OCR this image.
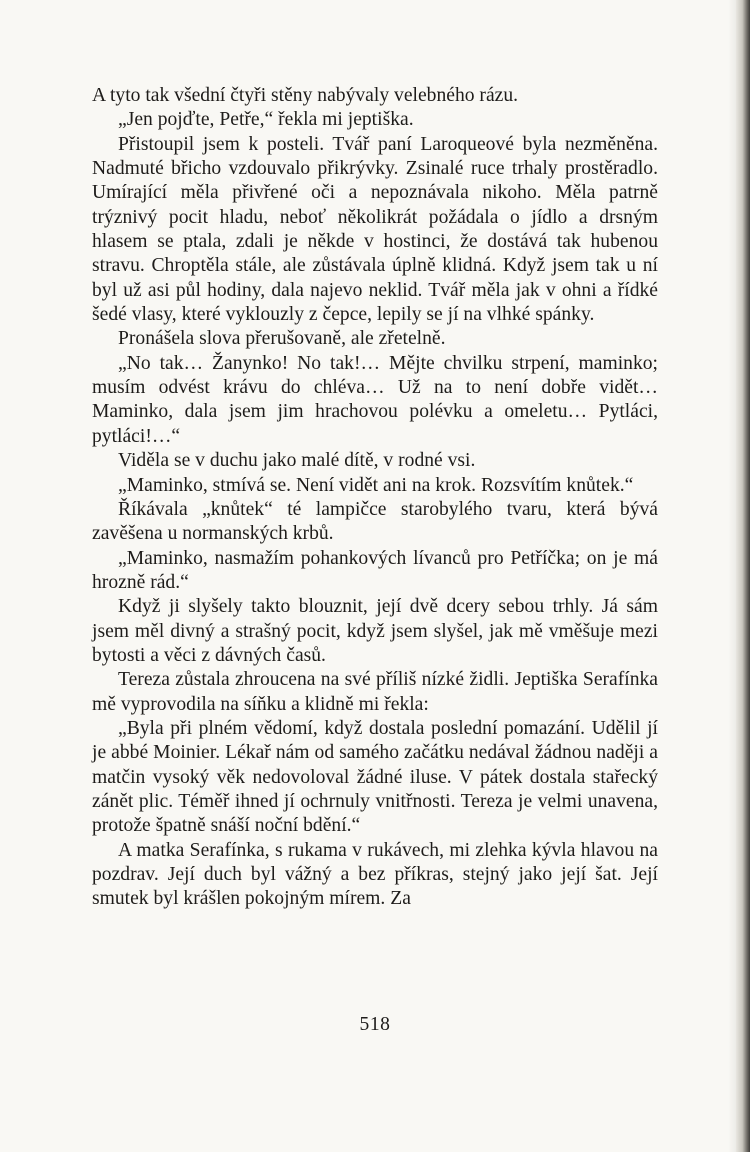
A tyto tak všední čtyři stěny nabývaly velebného rázu.

„Jen pojďte, Petře,“ řekla mi jeptiška.

Přistoupil jsem k posteli. Tvář paní Laroqueové byla nezměněna. Nadmuté břicho vzdouvalo přikrývky. Zsinalé ruce trhaly prostěradlo. Umírající měla přivřené oči a nepoznávala nikoho. Měla patrně trýznivý pocit hladu, neboť několikrát požádala o jídlo a drsným hlasem se ptala, zdali je někde v hostinci, že dostává tak hubenou stravu. Chroptěla stále, ale zůstávala úplně klidná. Když jsem tak u ní byl už asi půl hodiny, dala najevo neklid. Tvář měla jak v ohni a řídké šedé vlasy, které vyklouzly z čepce, lepily se jí na vlhké spánky.

Pronášela slova přerušovaně, ale zřetelně.

„No tak… Žanynko! No tak!… Mějte chvilku strpení, maminko; musím odvést krávu do chléva… Už na to není dobře vidět… Maminko, dala jsem jim hrachovou polévku a omeletu… Pytláci, pytláci!…“

Viděla se v duchu jako malé dítě, v rodné vsi.

„Maminko, stmívá se. Není vidět ani na krok. Rozsvítím knůtek.“

Říkávala „knůtek“ té lampičce starobylého tvaru, která bývá zavěšena u normanských krbů.

„Maminko, nasmažím pohankových lívanců pro Petříčka; on je má hrozně rád.“

Když ji slyšely takto blouznit, její dvě dcery sebou trhly. Já sám jsem měl divný a strašný pocit, když jsem slyšel, jak mě vměšuje mezi bytosti a věci z dávných časů.

Tereza zůstala zhroucena na své příliš nízké židli. Jeptiška Serafínka mě vyprovodila na síňku a klidně mi řekla:

„Byla při plném vědomí, když dostala poslední pomazání. Udělil jí je abbé Moinier. Lékař nám od samého začátku nedával žádnou naději a matčin vysoký věk nedovoloval žádné iluse. V pátek dostala stařecký zánět plic. Téměř ihned jí ochrnuly vnitřnosti. Tereza je velmi unavena, protože špatně snáší noční bdění.“

A matka Serafínka, s rukama v rukávech, mi zlehka kývla hlavou na pozdrav. Její duch byl vážný a bez příkras, stejný jako její šat. Její smutek byl krášlen pokojným mírem. Za

518
